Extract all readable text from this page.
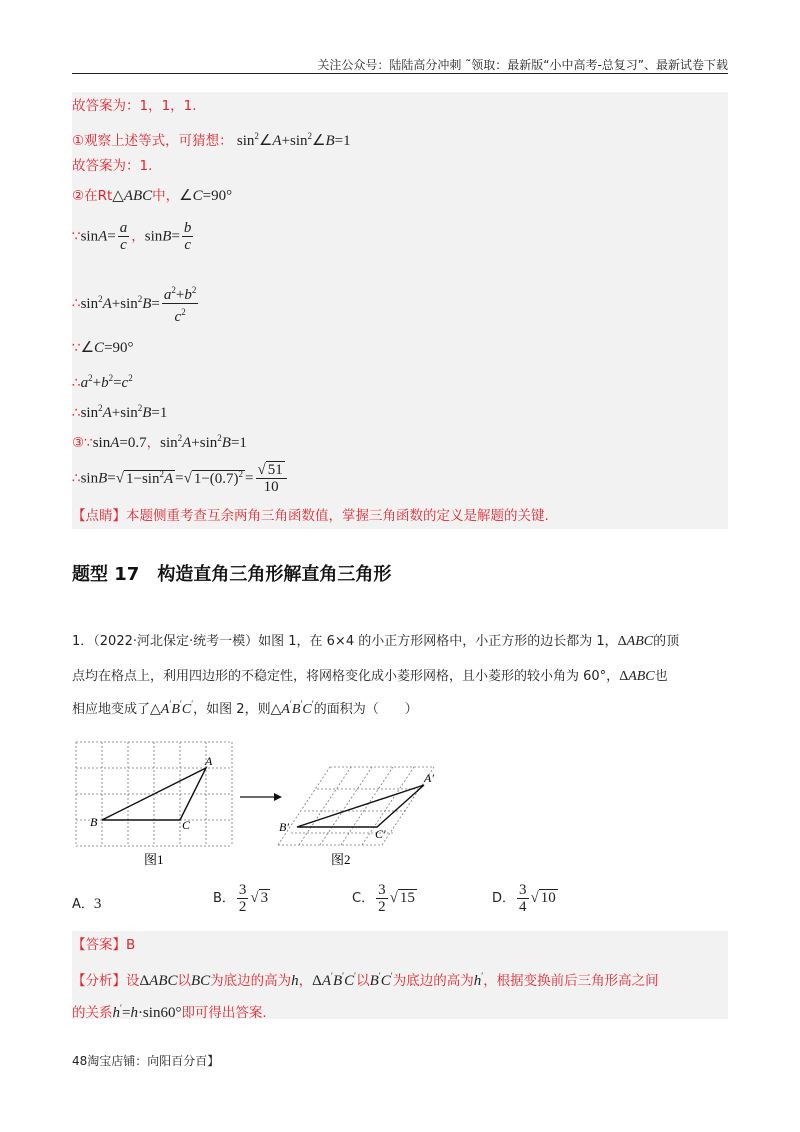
关注公众号：陆陆高分冲刺 ˜领取：最新版“小中高考-总复习”、最新试卷下载
故答案为：1，1，1.
①观察上述等式，可猜想： $\sin^2\angle A+\sin^2\angle B=1$
故答案为：1.
②在Rt△ABC中，∠C=90°
∵sinA= $\frac{a}{c}$ ，$\sin B= \frac{b}{c}$
$\therefore\sin^2A+\sin^2B= \frac{a^2+b^2}{c^2}$
∵∠C=90°
$\therefore a^2+b^2=c^2$
$\therefore\sin^2A+\sin^2B=1$
③∵sinA=0.7，$\sin^2A+\sin^2B=1$
∴sinB=√ $1-\sin^2A$ =√ $1-(0.7)^2 = \frac{√ 51}{10}$
【点睛】本题侧重考查互余两角三角函数值，掌握三角函数的定义是解题的关键.
题型 17　构造直角三角形解直角三角形
1．（2022·河北保定·统考一模）如图 1，在 6×4 的小正方形网格中，小正方形的边长都为 1，ΔABC的顶
点均在格点上，利用四边形的不稳定性，将网格变化成小菱形网格，且小菱形的较小角为 60°，ΔABC也
相应地变成了△A′B′C′，如图 2，则△A′B′C′的面积为（　　）
A
B	C
图1
A′
B′	C′
图2
A．3	B． $\frac{3}{2}$ √ 3	C． $\frac{3}{2}$ √ 15	D． $\frac{3}{4}$ √ 10
【答案】B
【分析】设ΔABC以BC为底边的高为h，ΔA′B′C′以B′C′为底边的高为h′，根据变换前后三角形高之间
的关系h′=h·sin60°即可得出答案.
48淘宝店铺：向阳百分百】
